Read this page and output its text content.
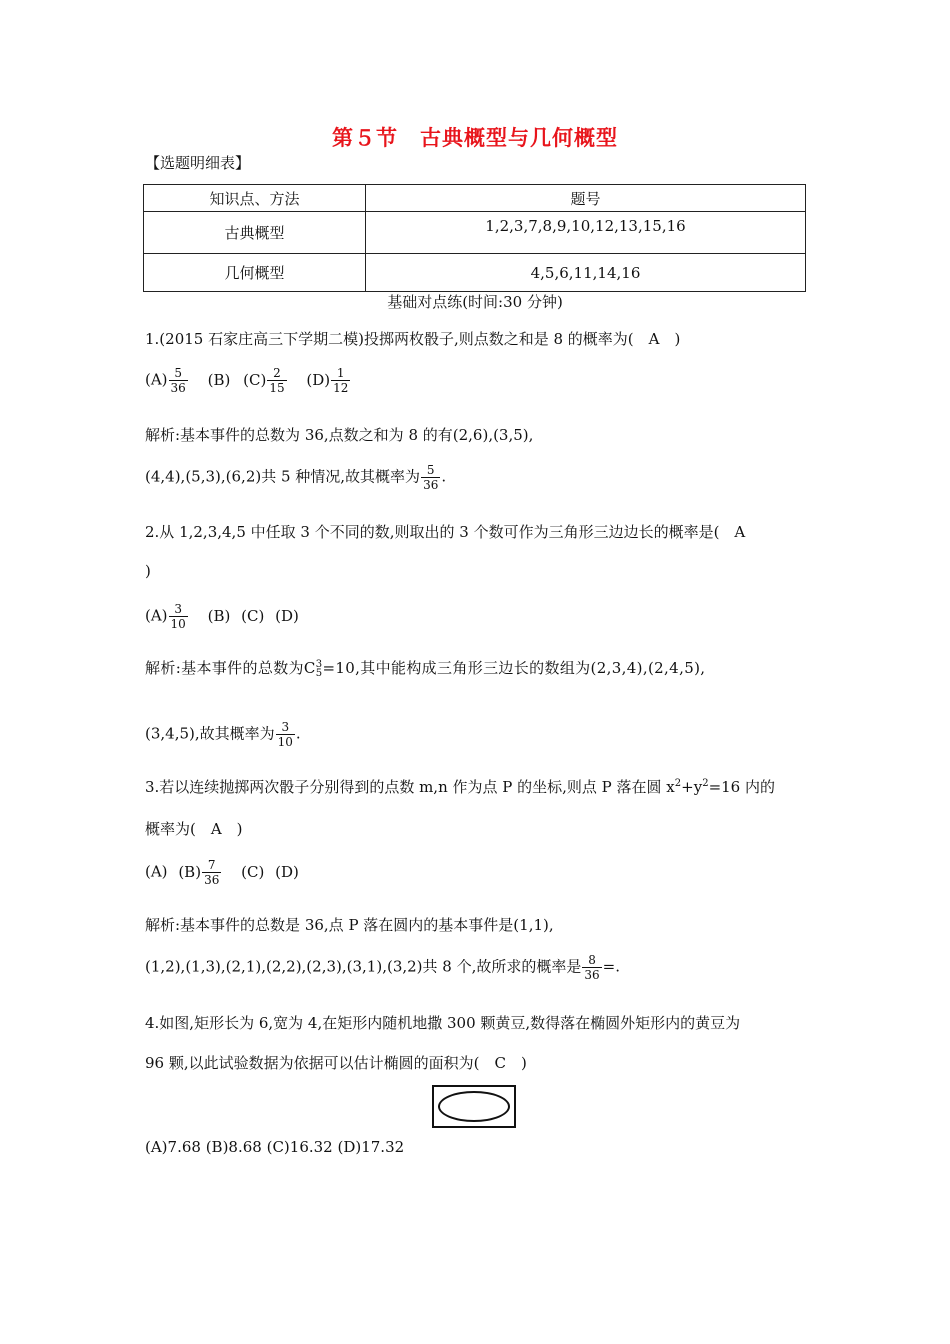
第５节　古典概型与几何概型
【选题明细表】
知识点、方法	题号
古典概型	1,2,3,7,8,9,10,12,13,15,16
几何概型	4,5,6,11,14,16
基础对点练(时间:30 分钟)
1.(2015 石家庄高三下学期二模)投掷两枚骰子,则点数之和是 8 的概率为(　A　)
$(A) \frac{5}{36} (B)$ $(C) \frac{2}{15} (D) \frac{1}{12}$
解析:基本事件的总数为 36,点数之和为 8 的有(2,6),(3,5),
(4,4),(5,3),(6,2)共 5 种情况,故其概率为 $\frac{5}{36}$ .
2.从 1,2,3,4,5 中任取 3 个不同的数,则取出的 3 个数可作为三角形三边边长的概率是(　A
)
$(A) \frac{3}{10} (B)$ (C) (D)
解析:基本事件的总数为C 3
5 =10,其中能构成三角形三边长的数组为(2,3,4),(2,4,5),
(3,4,5),故其概率为 $\frac{3}{10}$ .
3.若以连续抛掷两次骰子分别得到的点数 m,n 作为点 P 的坐标,则点 P 落在圆 $x^2+y^2=16$ 内的
概率为(　A　)
(A) $(B) \frac{7}{36} (C)$ (D)
解析:基本事件的总数是 36,点 P 落在圆内的基本事件是(1,1),
(1,2),(1,3),(2,1),(2,2),(2,3),(3,1),(3,2)共 8 个,故所求的概率是 $\frac{8}{36}$ =.
4.如图,矩形长为 6,宽为 4,在矩形内随机地撒 300 颗黄豆,数得落在椭圆外矩形内的黄豆为
96 颗,以此试验数据为依据可以估计椭圆的面积为(　C　)
(A)7.68 (B)8.68 (C)16.32 (D)17.32
